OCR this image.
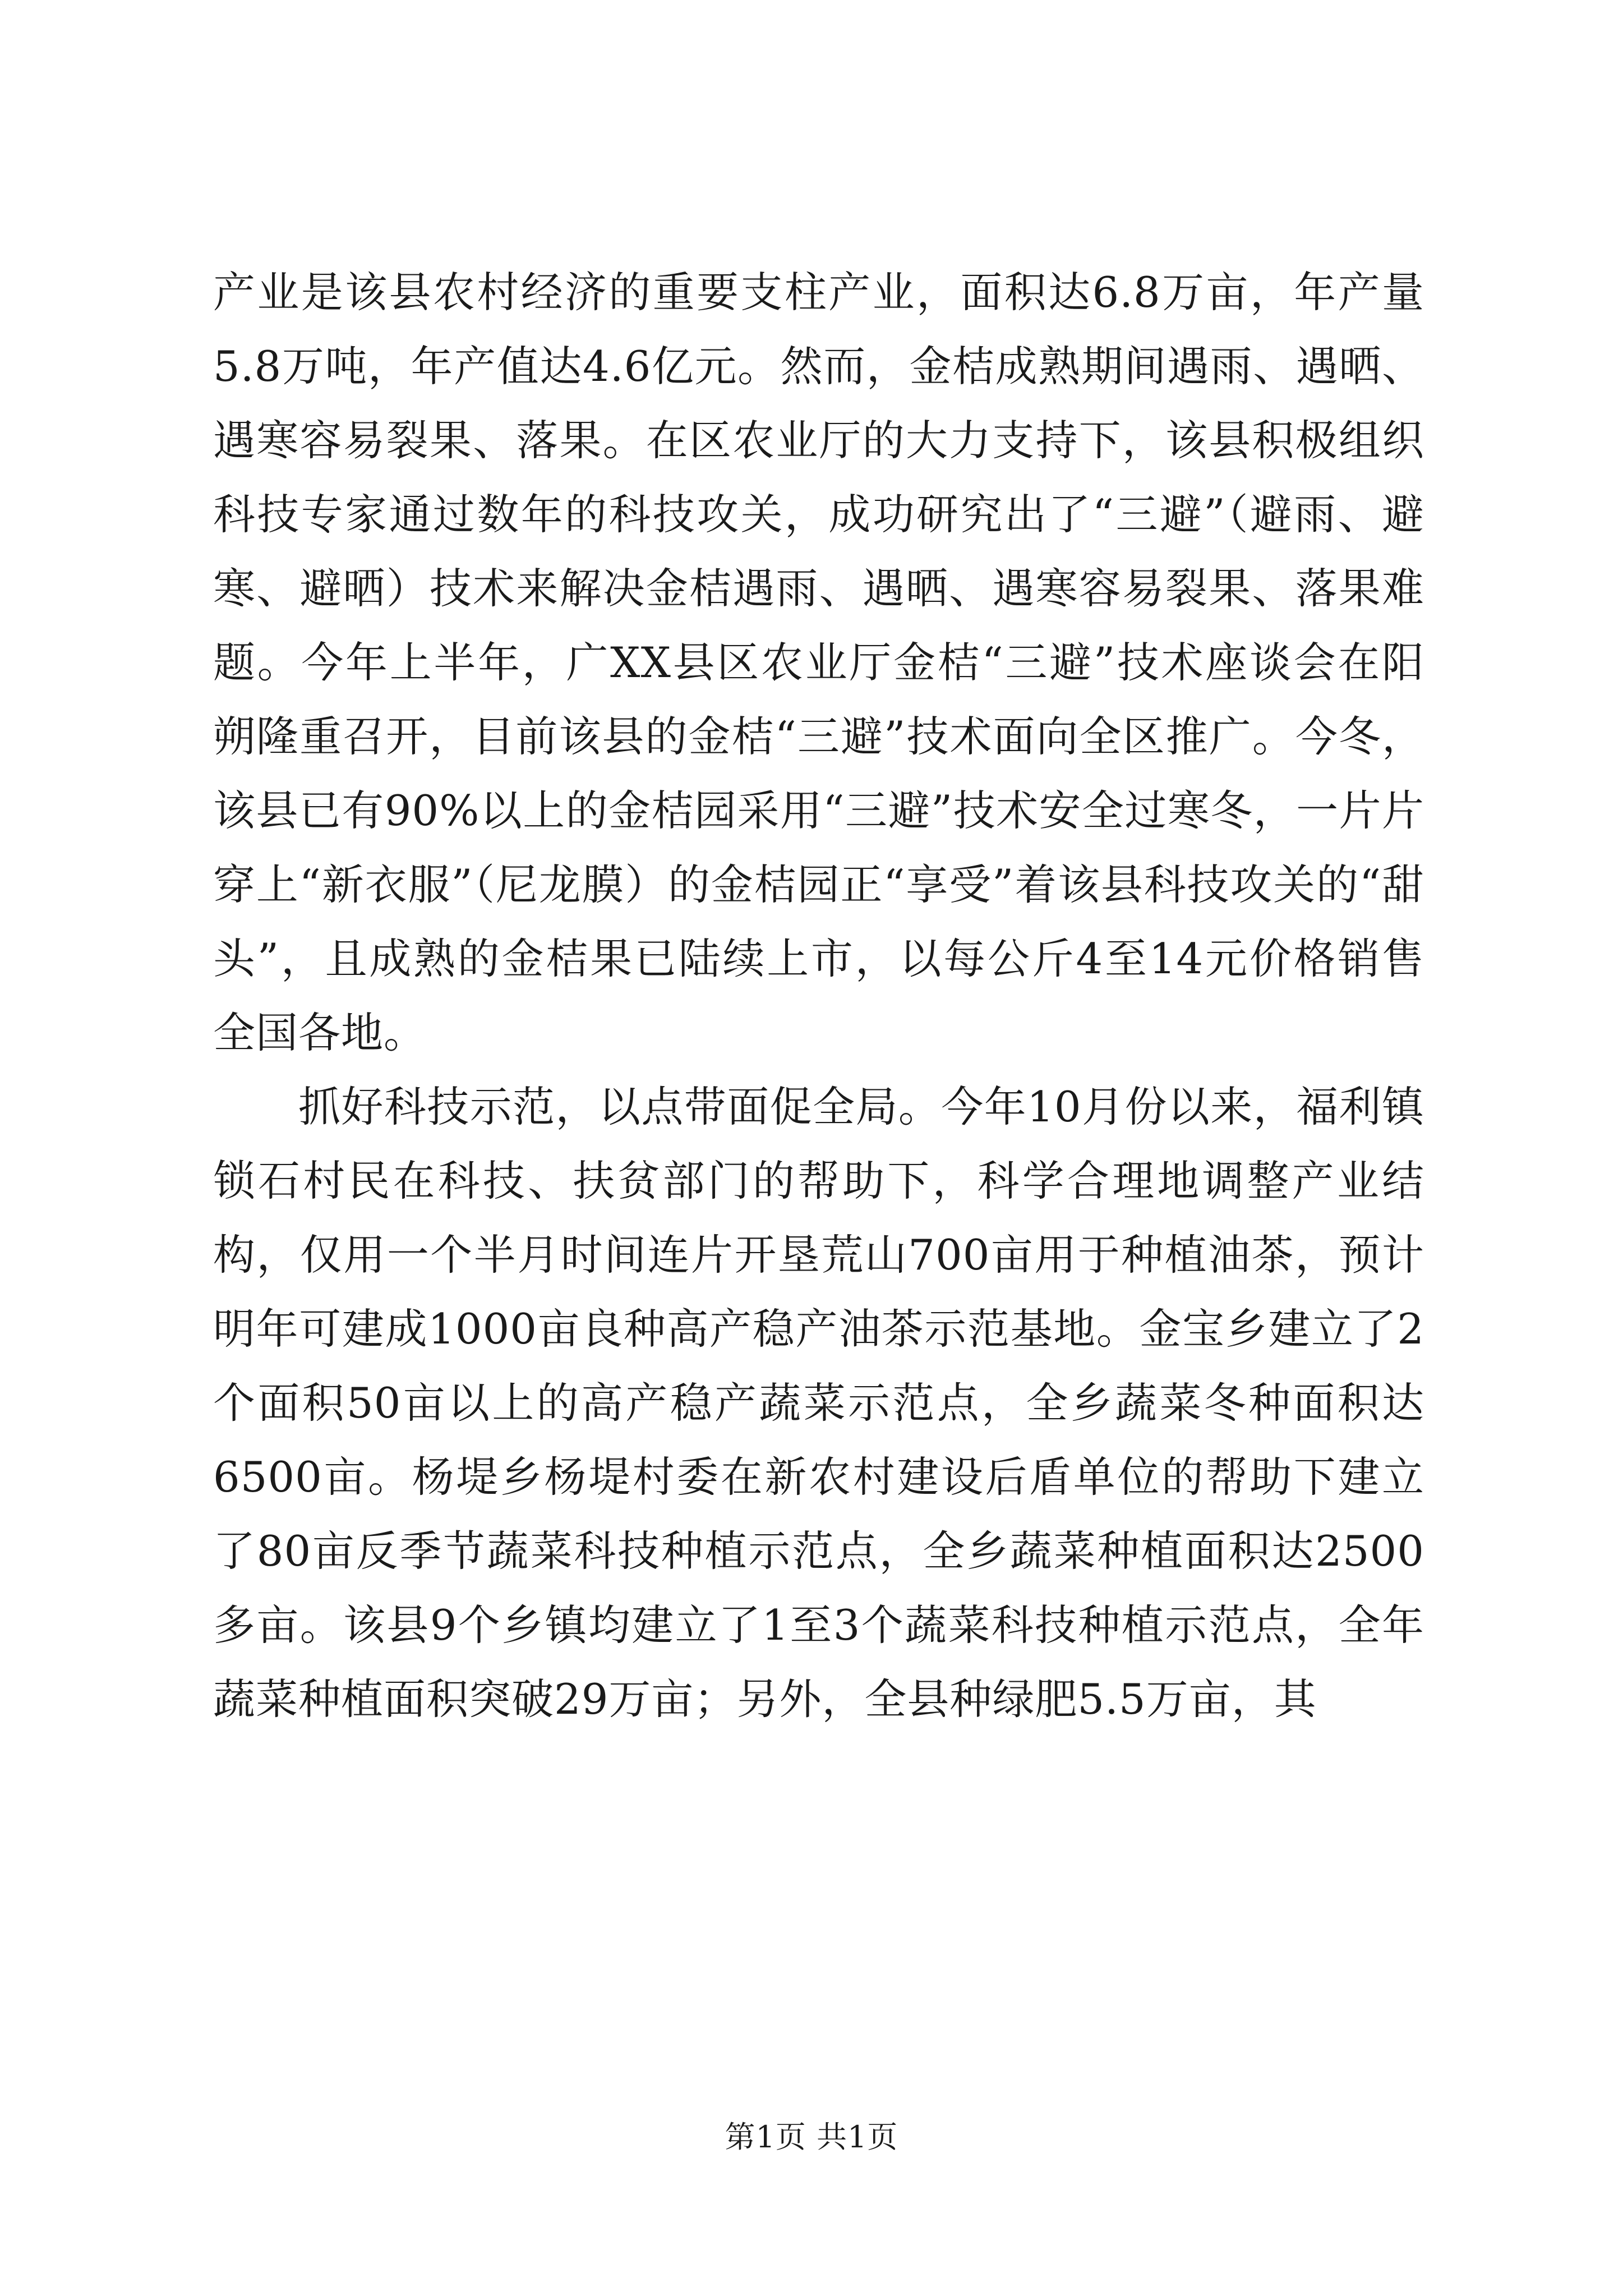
产业是该县农村经济的重要支柱产业，面积达6.8万亩，年产量5.8万吨，年产值达4.6亿元。然而，金桔成熟期间遇雨、遇晒、遇寒容易裂果、落果。在区农业厅的大力支持下，该县积极组织科技专家通过数年的科技攻关，成功研究出了“三避”（避雨、避寒、避晒）技术来解决金桔遇雨、遇晒、遇寒容易裂果、落果难题。今年上半年，广XX县区农业厅金桔“三避”技术座谈会在阳朔隆重召开，目前该县的金桔“三避”技术面向全区推广。今冬，该县已有90%以上的金桔园采用“三避”技术安全过寒冬，一片片穿上“新衣服”（尼龙膜）的金桔园正“享受”着该县科技攻关的“甜头”，且成熟的金桔果已陆续上市，以每公斤4至14元价格销售全国各地。

抓好科技示范，以点带面促全局。今年10月份以来，福利镇锁石村民在科技、扶贫部门的帮助下，科学合理地调整产业结构，仅用一个半月时间连片开垦荒山700亩用于种植油茶，预计明年可建成1000亩良种高产稳产油茶示范基地。金宝乡建立了2个面积50亩以上的高产稳产蔬菜示范点，全乡蔬菜冬种面积达6500亩。杨堤乡杨堤村委在新农村建设后盾单位的帮助下建立了80亩反季节蔬菜科技种植示范点，全乡蔬菜种植面积达2500多亩。该县9个乡镇均建立了1至3个蔬菜科技种植示范点，全年蔬菜种植面积突破29万亩；另外，全县种绿肥5.5万亩，其

第1页 共1页
